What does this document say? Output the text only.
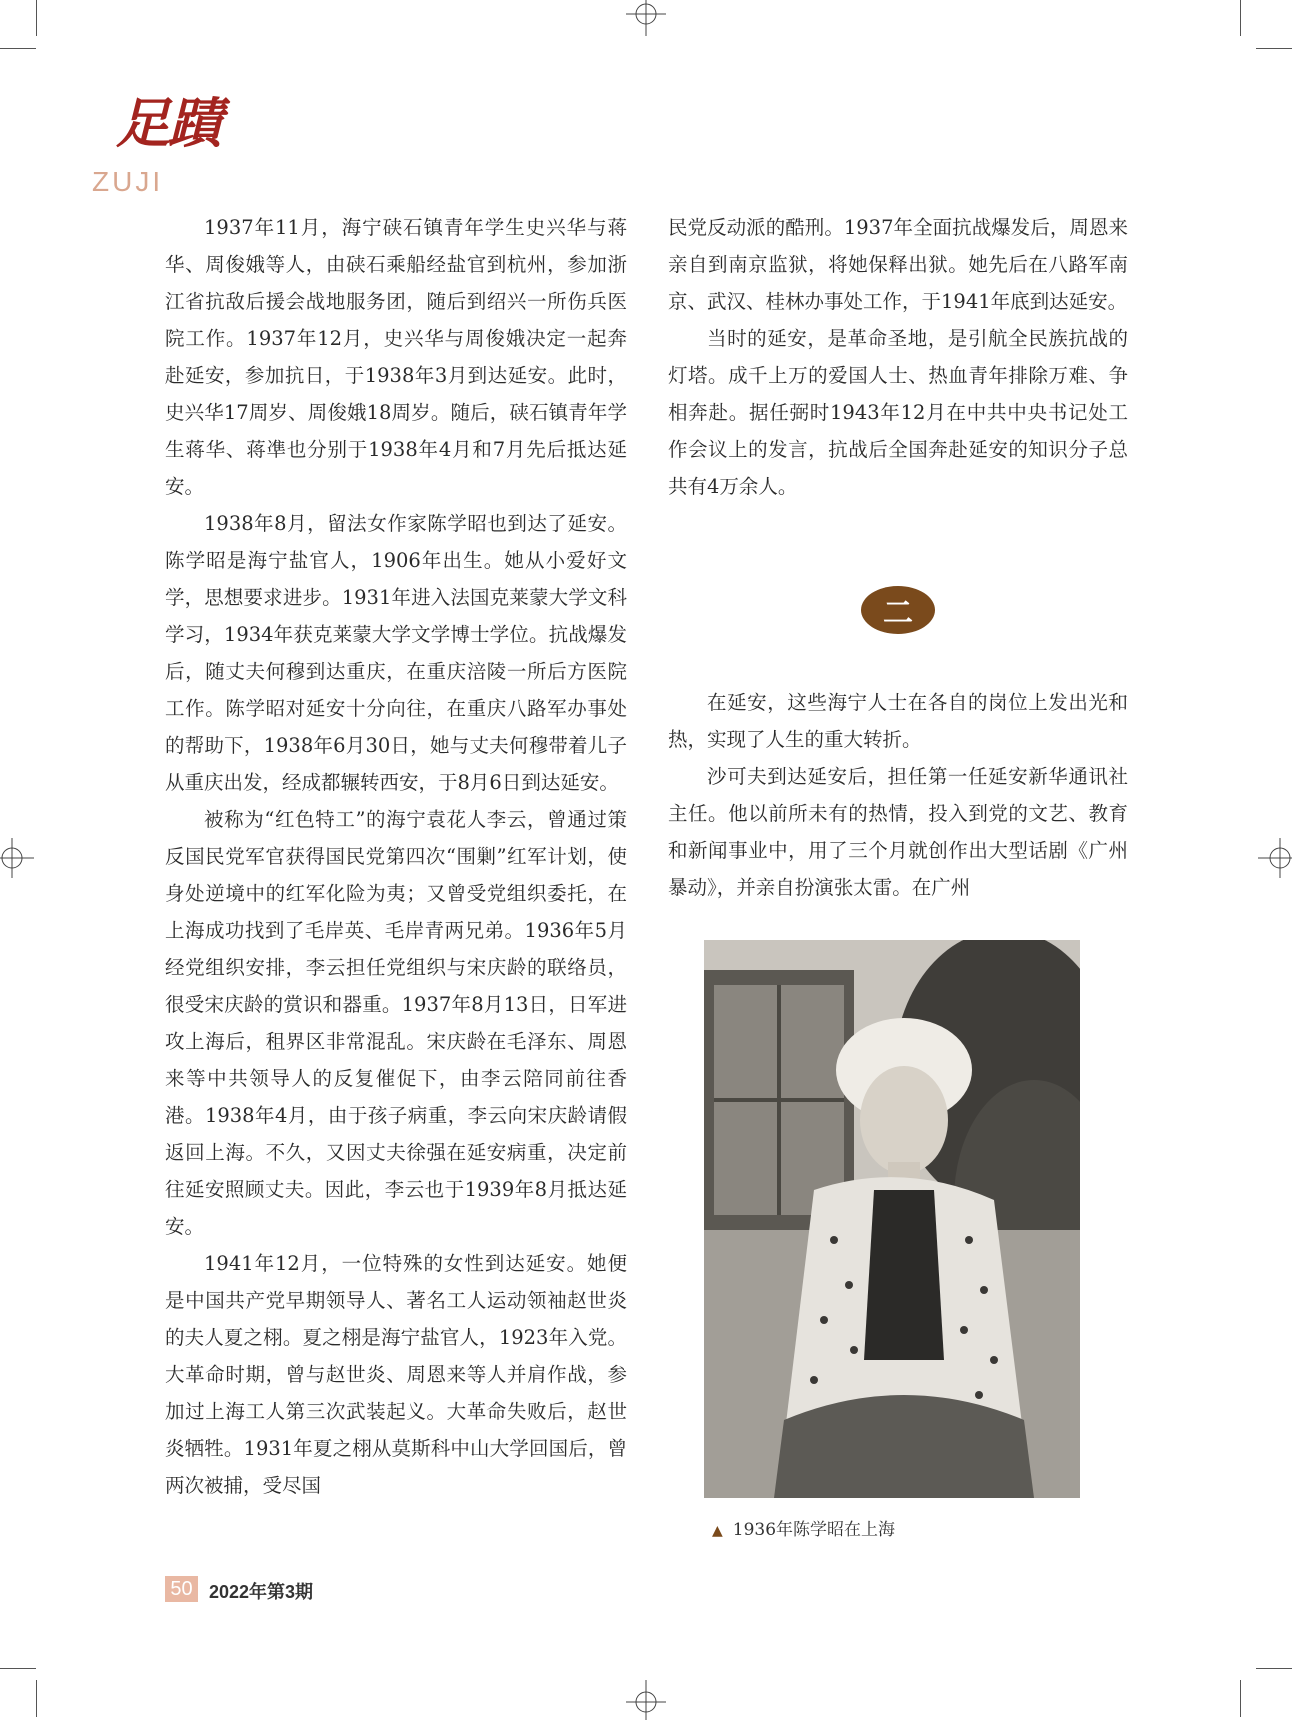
足蹟
ZUJI

1937年11月，海宁硖石镇青年学生史兴华与蒋华、周俊娥等人，由硖石乘船经盐官到杭州，参加浙江省抗敌后援会战地服务团，随后到绍兴一所伤兵医院工作。1937年12月，史兴华与周俊娥决定一起奔赴延安，参加抗日，于1938年3月到达延安。此时，史兴华17周岁、周俊娥18周岁。随后，硖石镇青年学生蒋华、蒋凖也分别于1938年4月和7月先后抵达延安。

1938年8月，留法女作家陈学昭也到达了延安。陈学昭是海宁盐官人，1906年出生。她从小爱好文学，思想要求进步。1931年进入法国克莱蒙大学文科学习，1934年获克莱蒙大学文学博士学位。抗战爆发后，随丈夫何穆到达重庆，在重庆涪陵一所后方医院工作。陈学昭对延安十分向往，在重庆八路军办事处的帮助下，1938年6月30日，她与丈夫何穆带着儿子从重庆出发，经成都辗转西安，于8月6日到达延安。

被称为“红色特工”的海宁袁花人李云，曾通过策反国民党军官获得国民党第四次“围剿”红军计划，使身处逆境中的红军化险为夷；又曾受党组织委托，在上海成功找到了毛岸英、毛岸青两兄弟。1936年5月经党组织安排，李云担任党组织与宋庆龄的联络员，很受宋庆龄的赏识和器重。1937年8月13日，日军进攻上海后，租界区非常混乱。宋庆龄在毛泽东、周恩来等中共领导人的反复催促下，由李云陪同前往香港。1938年4月，由于孩子病重，李云向宋庆龄请假返回上海。不久，又因丈夫徐强在延安病重，决定前往延安照顾丈夫。因此，李云也于1939年8月抵达延安。

1941年12月，一位特殊的女性到达延安。她便是中国共产党早期领导人、著名工人运动领袖赵世炎的夫人夏之栩。夏之栩是海宁盐官人，1923年入党。大革命时期，曾与赵世炎、周恩来等人并肩作战，参加过上海工人第三次武装起义。大革命失败后，赵世炎牺牲。1931年夏之栩从莫斯科中山大学回国后，曾两次被捕，受尽国

民党反动派的酷刑。1937年全面抗战爆发后，周恩来亲自到南京监狱，将她保释出狱。她先后在八路军南京、武汉、桂林办事处工作，于1941年底到达延安。

当时的延安，是革命圣地，是引航全民族抗战的灯塔。成千上万的爱国人士、热血青年排除万难、争相奔赴。据任弼时1943年12月在中共中央书记处工作会议上的发言，抗战后全国奔赴延安的知识分子总共有4万余人。

二

在延安，这些海宁人士在各自的岗位上发出光和热，实现了人生的重大转折。

沙可夫到达延安后，担任第一任延安新华通讯社主任。他以前所未有的热情，投入到党的文艺、教育和新闻事业中，用了三个月就创作出大型话剧《广州暴动》，并亲自扮演张太雷。在广州

▲ 1936年陈学昭在上海
50 2022年第3期
